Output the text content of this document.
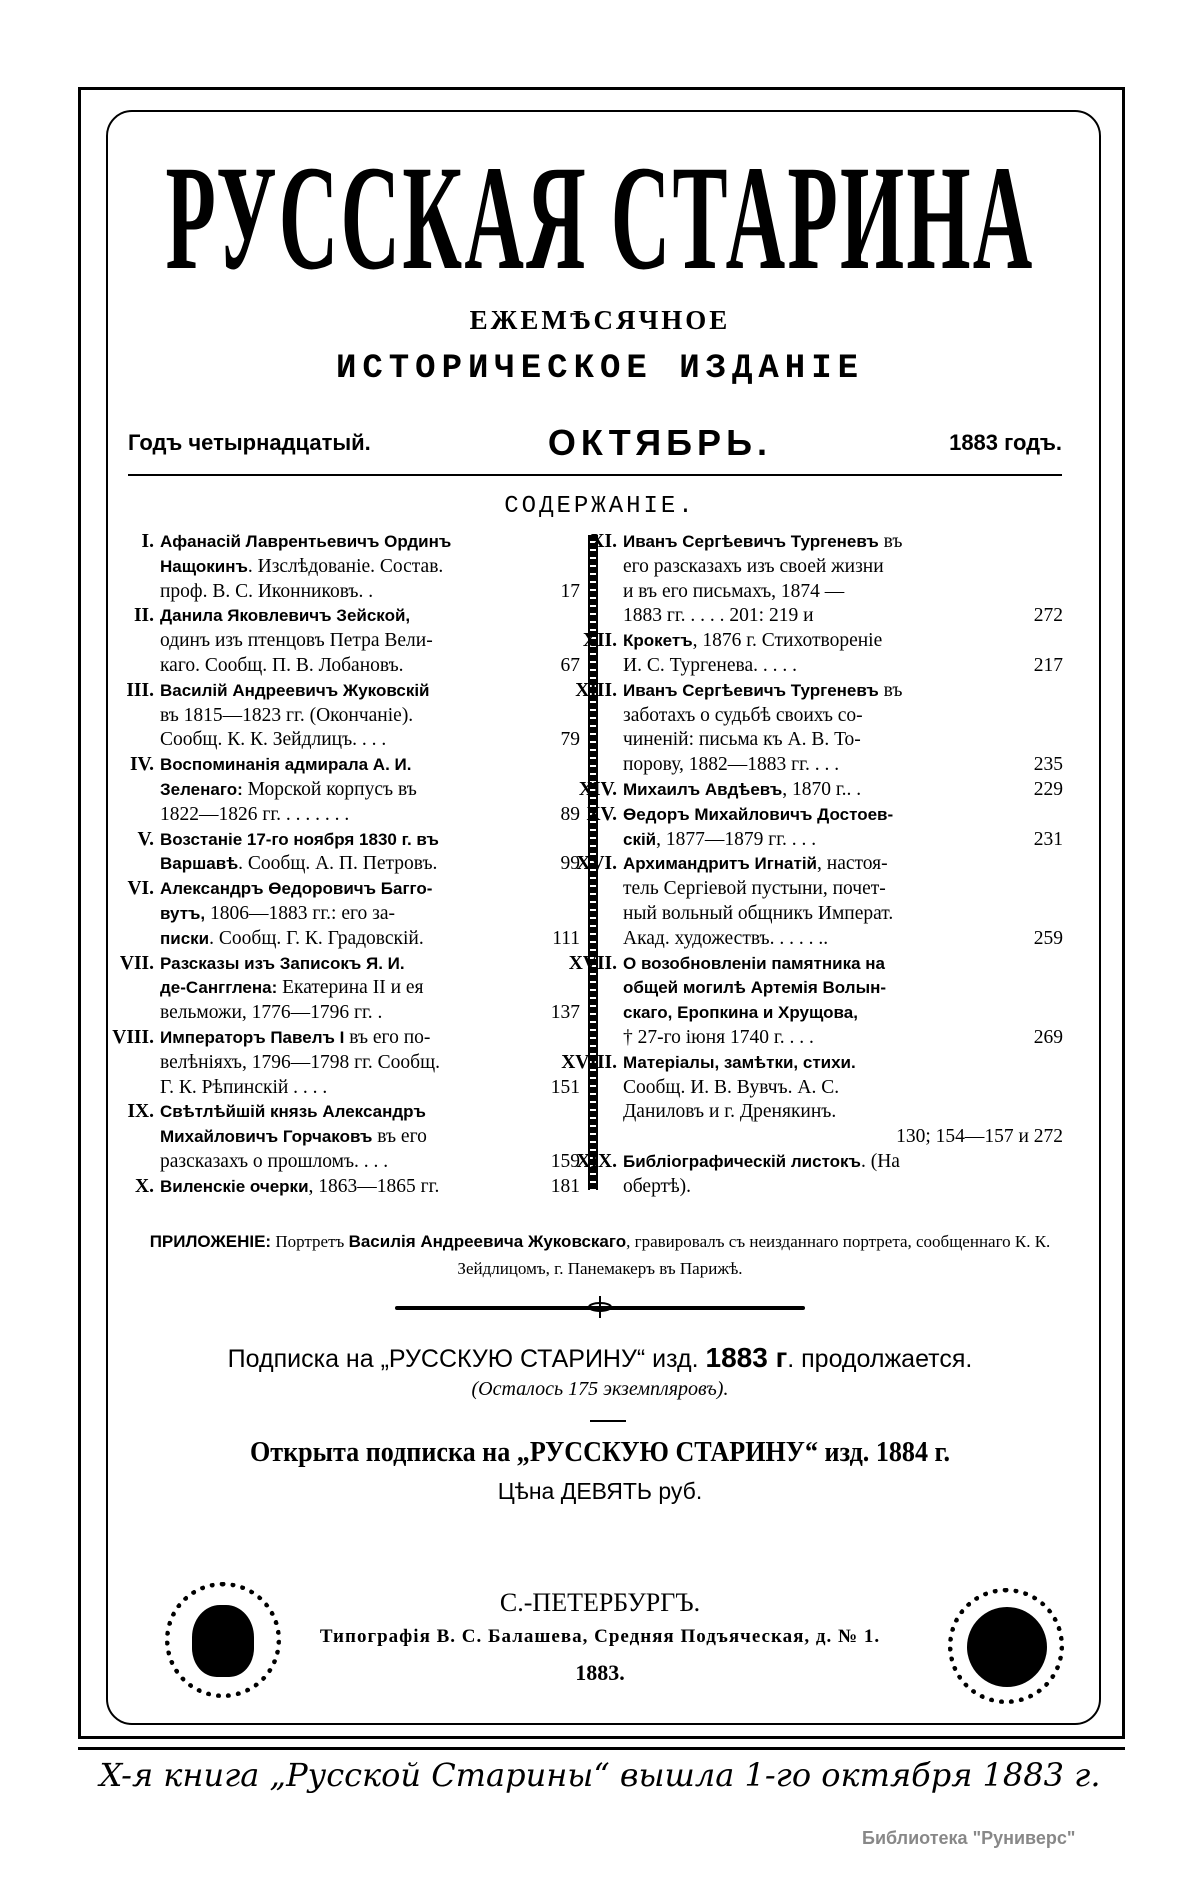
РУССКАЯ СТАРИНА
ЕЖЕМѢСЯЧНОЕ
ИСТОРИЧЕСКОЕ ИЗДАНІЕ
Годъ четырнадцатый.	ОКТЯБРЬ.	1883 годъ.
СОДЕРЖАНІЕ.
I. Афанасій Лаврентьевичъ Ординъ
Нащокинъ. Изслѣдованіе. Состав.
проф. В. С. Иконниковъ. .	17
II. Данила Яковлевичъ Зейской,
одинъ изъ птенцовъ Петра Вели-
каго. Сообщ. П. В. Лобановъ.	67
III. Василій Андреевичъ Жуковскій
въ 1815—1823 гг. (Окончаніе).
Сообщ. К. К. Зейдлицъ. . . .	79
IV. Воспоминанія адмирала А. И.
Зеленаго: Морской корпусъ въ
1822—1826 гг. . . . . . . .	89
V. Возстаніе 17-го ноября 1830 г. въ
Варшавѣ. Сообщ. А. П. Петровъ.	99
VI. Александръ Өедоровичъ Багго-
вутъ, 1806—1883 гг.: его за-
писки. Сообщ. Г. К. Градовскій.	111
VII. Разсказы изъ Записокъ Я. И.
де-Сангглена: Екатерина II и ея
вельможи, 1776—1796 гг. .	137
VIII. Императоръ Павелъ I въ его по-
велѣніяхъ, 1796—1798 гг. Сообщ.
Г. К. Рѣпинскій . . . .	151
IX. Свѣтлѣйшій князь Александръ
Михайловичъ Горчаковъ въ его
разсказахъ о прошломъ. . . .	159
X. Виленскіе очерки, 1863—1865 гг.	181
XI. Иванъ Сергѣевичъ Тургеневъ въ
его разсказахъ изъ своей жизни
и въ его письмахъ, 1874 —
1883 гг. . . . . 201: 219 и	272
XII. Крокетъ, 1876 г. Стихотвореніе
И. С. Тургенева. . . . .	217
XIII. Иванъ Сергѣевичъ Тургеневъ въ
заботахъ о судьбѣ своихъ со-
чиненій: письма къ А. В. То-
порову, 1882—1883 гг. . . .	235
XIV. Михаилъ Авдѣевъ, 1870 г.. .	229
XV. Өедоръ Михайловичъ Достоев-
скій, 1877—1879 гг. . . .	231
XVI. Архимандритъ Игнатій, настоя-
тель Сергіевой пустыни, почет-
ный вольный общникъ Императ.
Акад. художествъ. . . . . ..	259
XVII. О возобновленіи памятника на
общей могилѣ Артемія Волын-
скаго, Еропкина и Хрущова,
† 27-го іюня 1740 г. . . .	269
XVIII. Матеріалы, замѣтки, стихи.
Сообщ. И. В. Вувчъ. А. С.
Даниловъ и г. Дренякинъ.
130; 154—157 и 272
XIX. Библіографическій листокъ. (На
обертѣ).
ПРИЛОЖЕНІЕ: Портретъ Василія Андреевича Жуковскаго, гравировалъ съ неизданнаго портрета, сообщеннаго К. К. Зейдлицомъ, г. Панемакеръ въ Парижѣ.
Подписка на „РУССКУЮ СТАРИНУ“ изд. 1883 г. продолжается.
(Осталось 175 экземпляровъ).
Открыта подписка на „РУССКУЮ СТАРИНУ“ изд. 1884 г.
Цѣна ДЕВЯТЬ руб.
С.-ПЕТЕРБУРГЪ.
Типографія В. С. Балашева, Средняя Подъяческая, д. № 1.
1883.
X-я книга „Русской Старины“ вышла 1-го октября 1883 г.
Библиотека "Руниверс"
